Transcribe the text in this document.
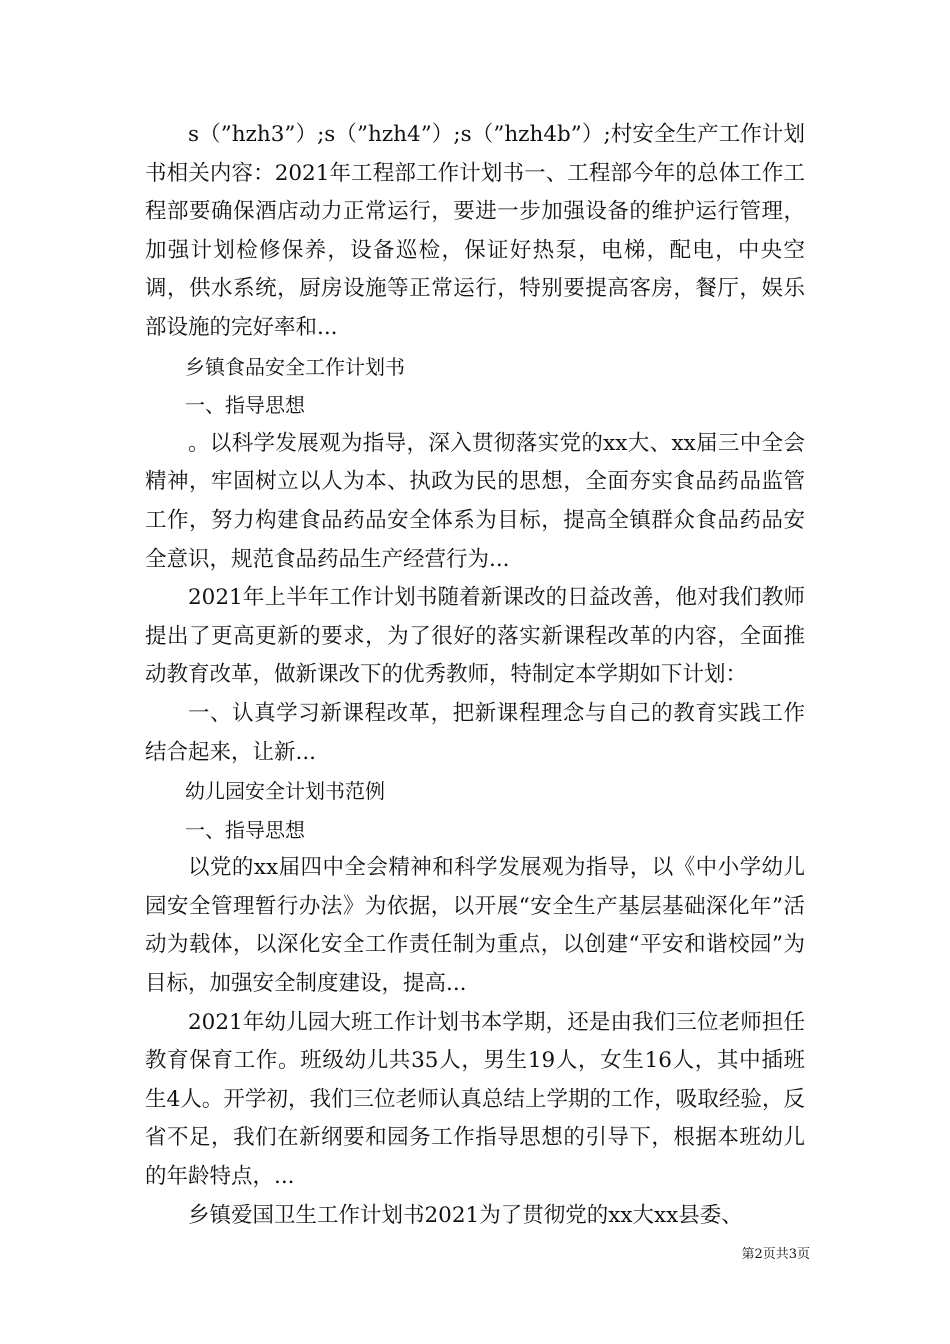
s（”hzh3”）;s（”hzh4”）;s（”hzh4b”）;村安全生产工作计划书相关内容：2021年工程部工作计划书一、工程部今年的总体工作工程部要确保酒店动力正常运行，要进一步加强设备的维护运行管理，加强计划检修保养，设备巡检，保证好热泵，电梯，配电，中央空调，供水系统，厨房设施等正常运行，特别要提高客房，餐厅，娱乐部设施的完好率和...

乡镇食品安全工作计划书

一、指导思想

。以科学发展观为指导，深入贯彻落实党的xx大、xx届三中全会精神，牢固树立以人为本、执政为民的思想，全面夯实食品药品监管工作，努力构建食品药品安全体系为目标，提高全镇群众食品药品安全意识，规范食品药品生产经营行为...

2021年上半年工作计划书随着新课改的日益改善，他对我们教师提出了更高更新的要求，为了很好的落实新课程改革的内容，全面推动教育改革，做新课改下的优秀教师，特制定本学期如下计划：

一、认真学习新课程改革，把新课程理念与自己的教育实践工作结合起来，让新...

幼儿园安全计划书范例

一、指导思想

以党的xx届四中全会精神和科学发展观为指导，以《中小学幼儿园安全管理暂行办法》为依据，以开展“安全生产基层基础深化年”活动为载体，以深化安全工作责任制为重点，以创建“平安和谐校园”为目标，加强安全制度建设，提高...

2021年幼儿园大班工作计划书本学期，还是由我们三位老师担任教育保育工作。班级幼儿共35人，男生19人，女生16人，其中插班生4人。开学初，我们三位老师认真总结上学期的工作，吸取经验，反省不足，我们在新纲要和园务工作指导思想的引导下，根据本班幼儿的年龄特点，...

乡镇爱国卫生工作计划书2021为了贯彻党的xx大xx县委、

第2页共3页
